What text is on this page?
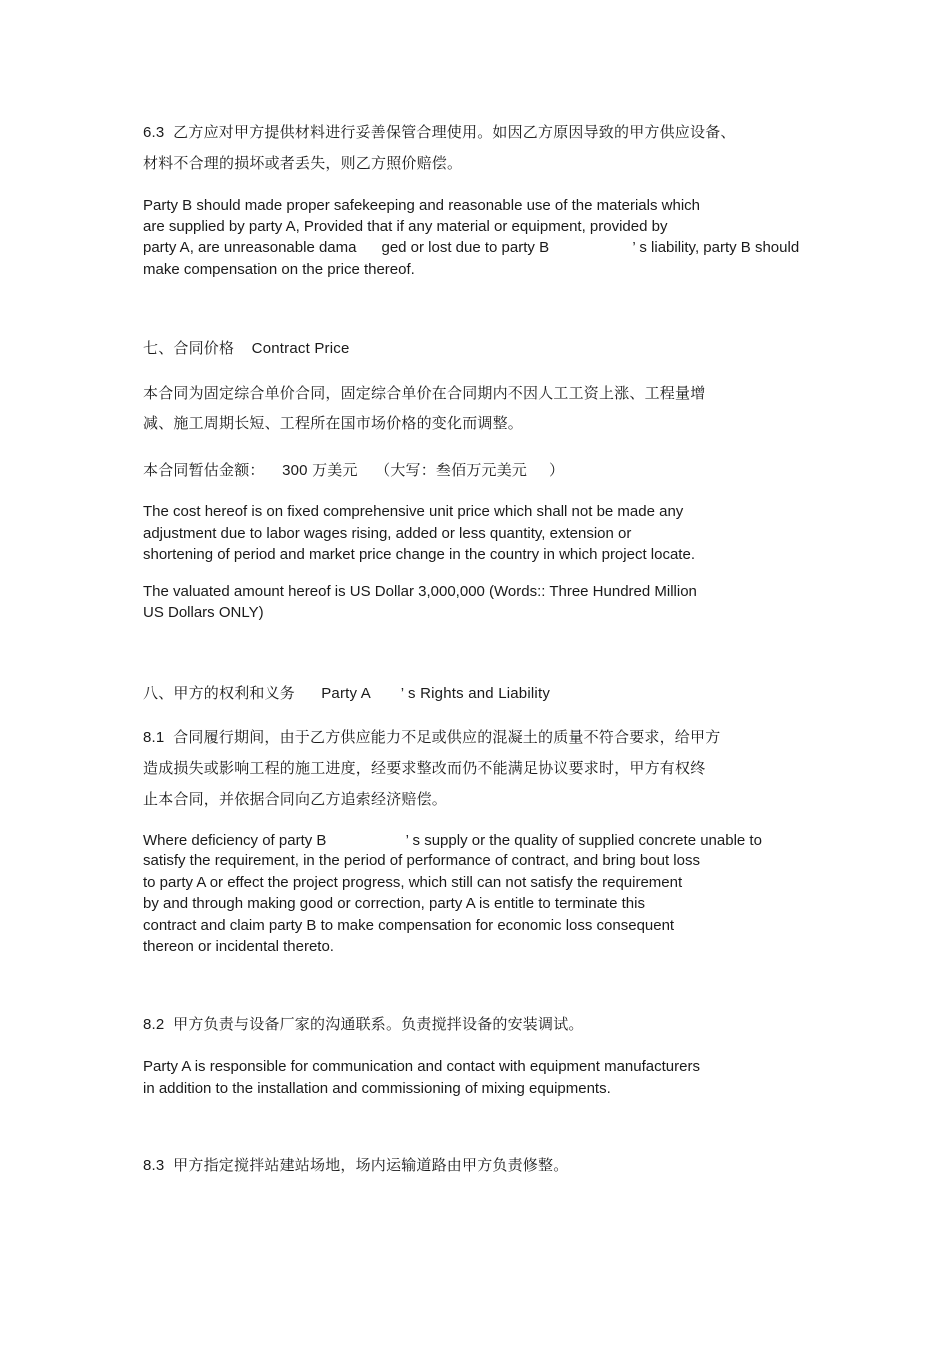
6.3  乙方应对甲方提供材料进行妥善保管合理使用。如因乙方原因导致的甲方供应设备、
材料不合理的损坏或者丢失，则乙方照价赔偿。
Party B should made proper safekeeping and reasonable use of the materials which
are supplied by party A, Provided that if any material or equipment, provided by
party A, are unreasonable dama      ged or lost due to party B                    ’ s liability, party B should
make compensation on the price thereof.
七、合同价格    Contract Price
本合同为固定综合单价合同，固定综合单价在合同期内不因人工工资上涨、工程量增
减、施工周期长短、工程所在国市场价格的变化而调整。
本合同暂估金额：    300 万美元    （大写：叁佰万元美元     ）
The cost hereof is on fixed comprehensive unit price which shall not be made any
adjustment due to labor wages rising, added or less quantity, extension or
shortening of period and market price change in the country in which project locate.
The valuated amount hereof is US Dollar 3,000,000 (Words:: Three Hundred Million
US Dollars ONLY)
八、甲方的权利和义务      Party A       ’ s Rights and Liability
8.1  合同履行期间，由于乙方供应能力不足或供应的混凝土的质量不符合要求，给甲方
造成损失或影响工程的施工进度，经要求整改而仍不能满足协议要求时，甲方有权终
止本合同，并依据合同向乙方追索经济赔偿。
Where deficiency of party B                   ’ s supply or the quality of supplied concrete unable to
satisfy the requirement, in the period of performance of contract, and bring bout loss
to party A or effect the project progress, which still can not satisfy the requirement
by and through making good or correction, party A is entitle to terminate this
contract and claim party B to make compensation for economic loss consequent
thereon or incidental thereto.
8.2  甲方负责与设备厂家的沟通联系。负责搅拌设备的安装调试。
Party A is responsible for communication and contact with equipment manufacturers
in addition to the installation and commissioning of mixing equipments.
8.3  甲方指定搅拌站建站场地，场内运输道路由甲方负责修整。
